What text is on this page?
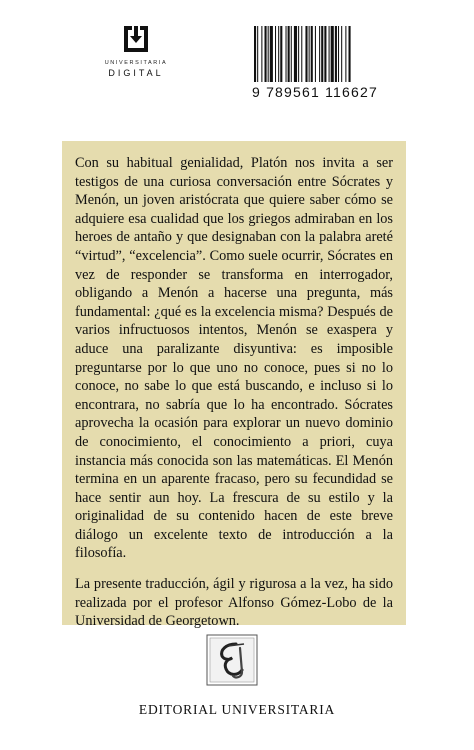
UNIVERSITARIA
DIGITAL
9 789561 116627

Con su habitual genialidad, Platón nos invita a ser testigos de una curiosa conversación entre Sócrates y Menón, un joven aristócrata que quiere saber cómo se adquiere esa cualidad que los griegos admiraban en los heroes de antaño y que designaban con la palabra areté “virtud”, “excelencia”. Como suele ocurrir, Sócrates en vez de responder se transforma en interrogador, obligando a Menón a hacerse una pregunta, más fundamental: ¿qué es la excelencia misma? Después de varios infructuosos intentos, Menón se exaspera y aduce una paralizante disyuntiva: es imposible preguntarse por lo que uno no conoce, pues si no lo conoce, no sabe lo que está buscando, e incluso si lo encontrara, no sabría que lo ha encontrado. Sócrates aprovecha la ocasión para explorar un nuevo dominio de conocimiento, el conocimiento a priori, cuya instancia más conocida son las matemáticas. El Menón termina en un aparente fracaso, pero su fecundidad se hace sentir aun hoy. La frescura de su estilo y la originalidad de su contenido hacen de este breve diálogo un excelente texto de introducción a la filosofía.

La presente traducción, ágil y rigurosa a la vez, ha sido realizada por el profesor Alfonso Gómez-Lobo de la Universidad de Georgetown.

EDITORIAL UNIVERSITARIA
